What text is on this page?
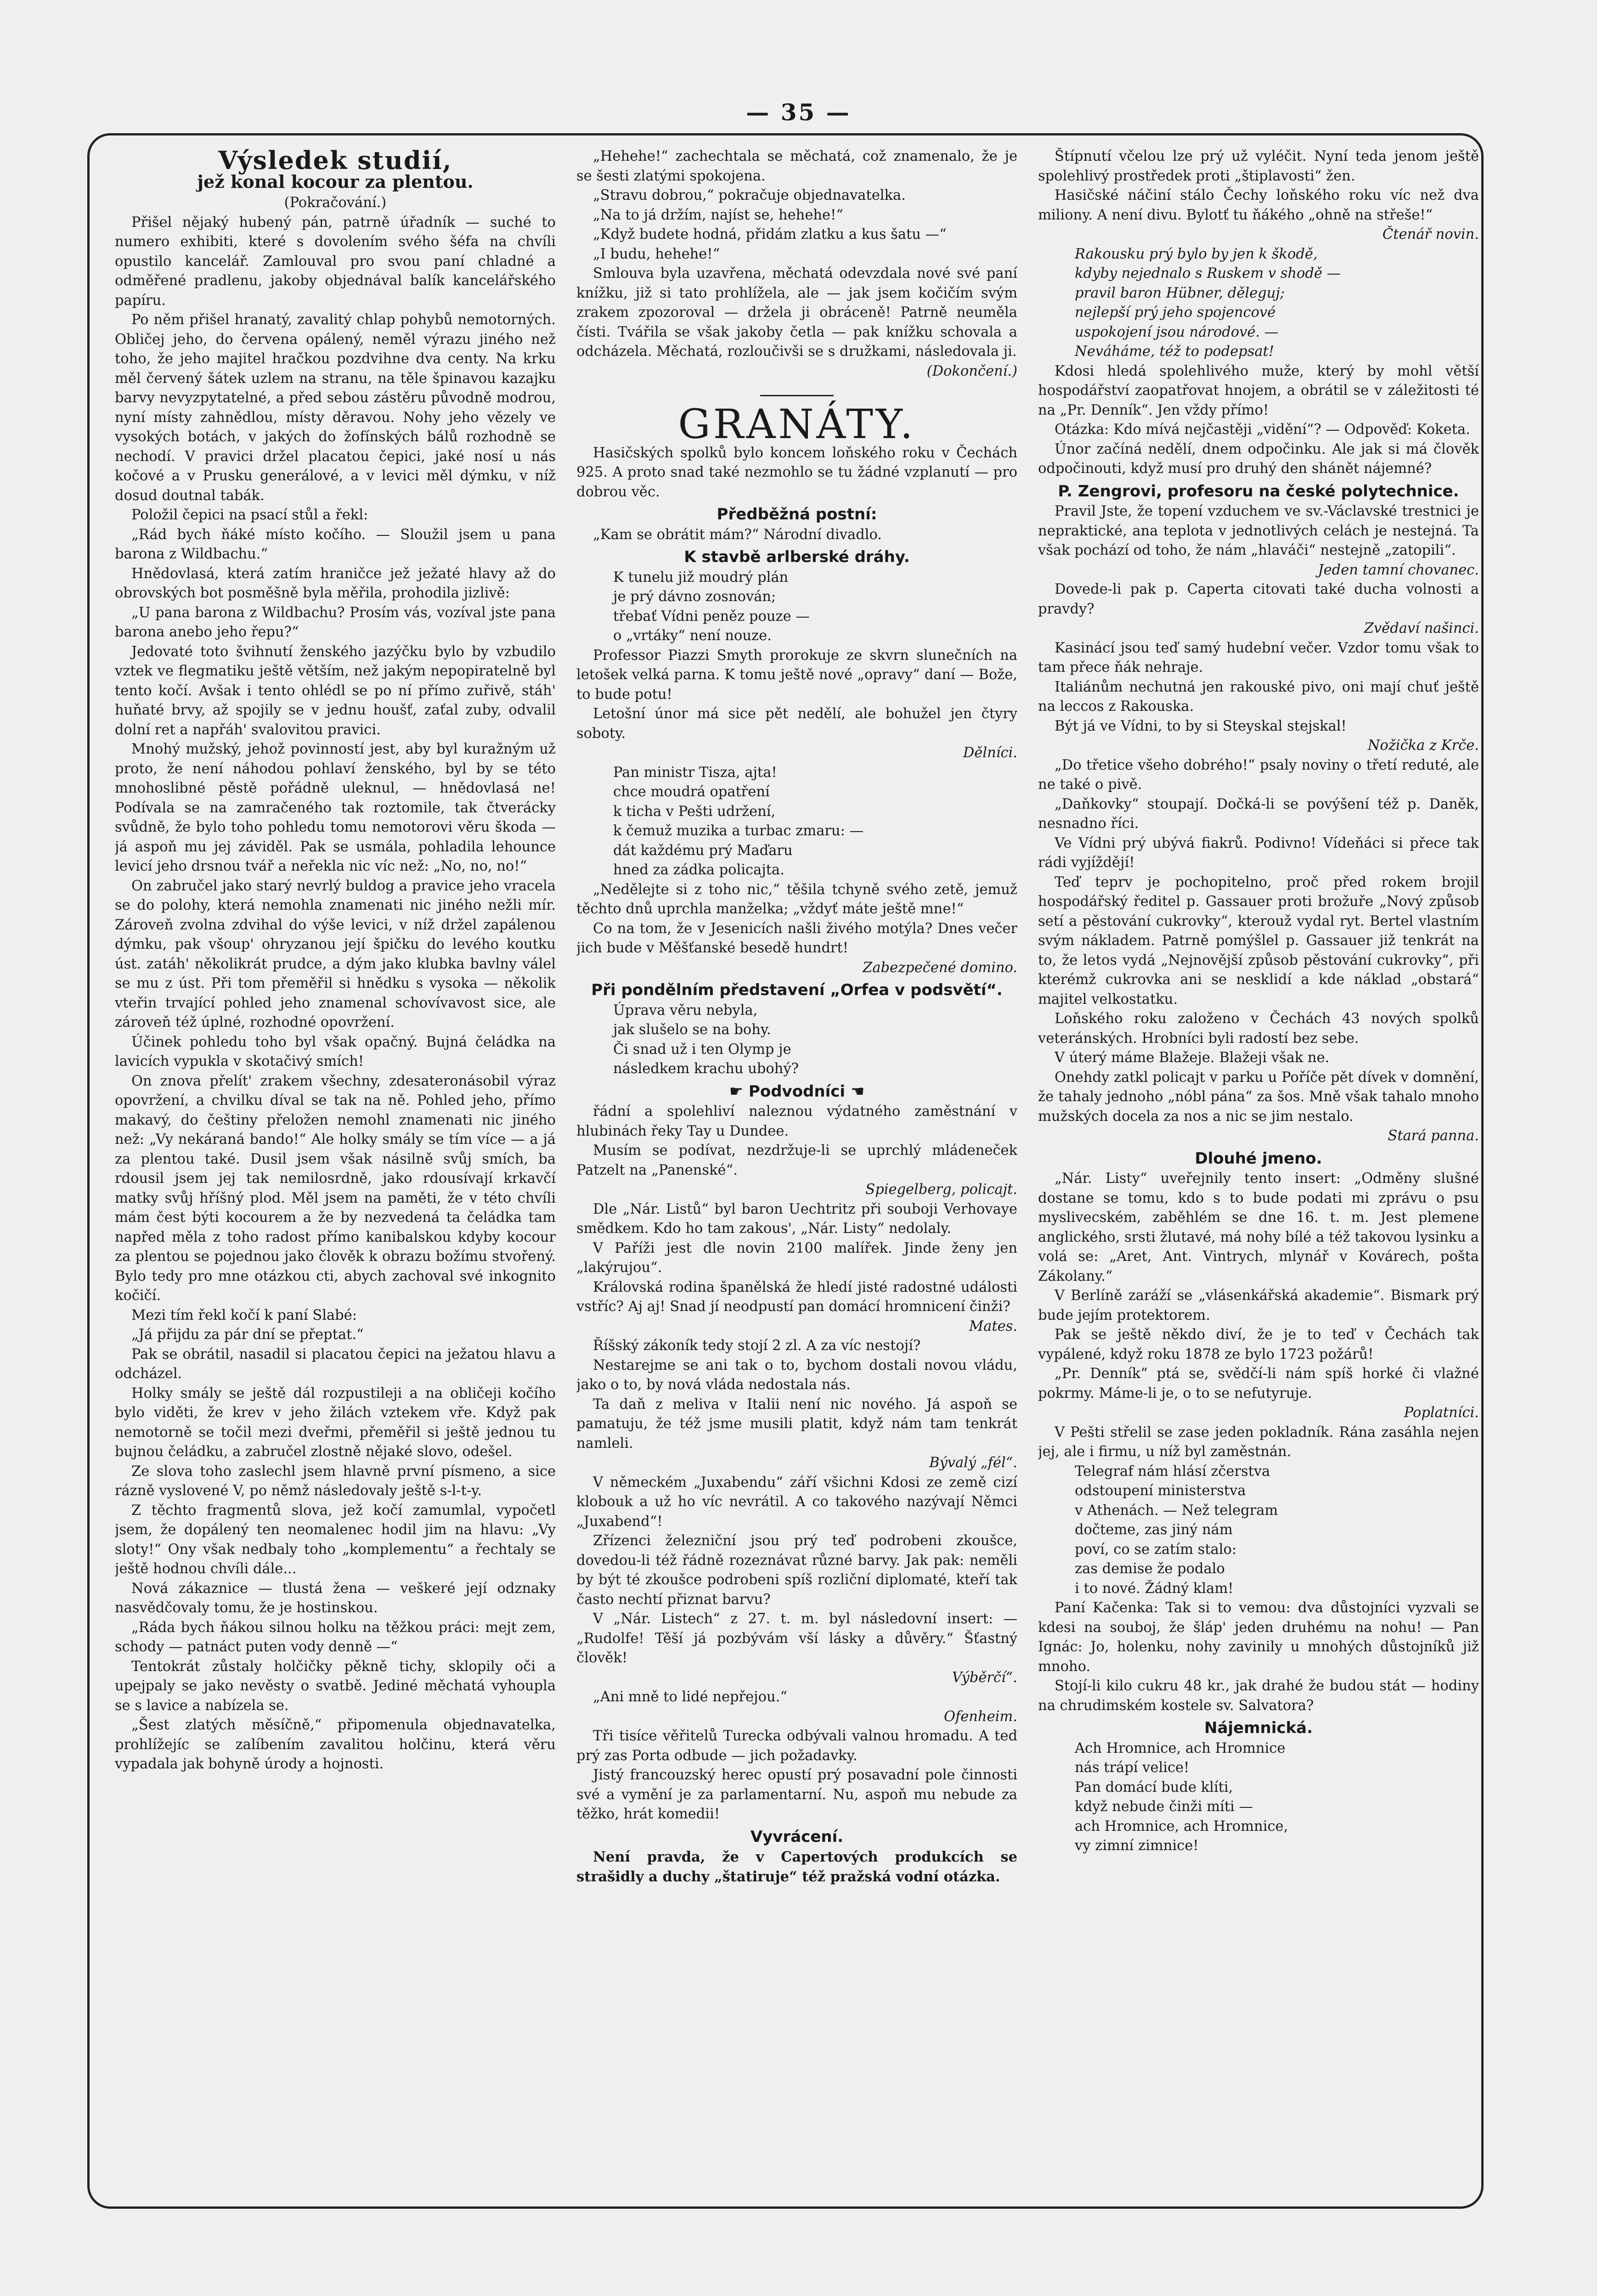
— 35 —
Výsledek studií,
jež konal kocour za plentou.

(Pokračování.)

Přišel nějaký hubený pán, patrně úřadník — suché to numero exhibiti, které s dovolením svého šéfa na chvíli opustilo kancelář. Zamlouval pro svou paní chladné a odměřené pradlenu, jakoby objednával balík kancelářského papíru.

Po něm přišel hranatý, zavalitý chlap pohybů nemotorných. Obličej jeho, do červena opálený, neměl výrazu jiného než toho, že jeho majitel hračkou pozdvihne dva centy. Na krku měl červený šátek uzlem na stranu, na těle špinavou kazajku barvy nevyzpytatelné, a před sebou zástěru původně modrou, nyní místy zahnědlou, místy děravou. Nohy jeho vězely ve vysokých botách, v jakých do žofínských bálů rozhodně se nechodí. V pravici držel placatou čepici, jaké nosí u nás kočové a v Prusku generálové, a v levici měl dýmku, v níž dosud doutnal tabák.

Položil čepici na psací stůl a řekl:

„Rád bych ňáké místo kočího. — Sloužil jsem u pana barona z Wildbachu.“

Hnědovlasá, která zatím hraničce jež ježaté hlavy až do obrovských bot posměšně byla měřila, prohodila jizlivě:

„U pana barona z Wildbachu? Prosím vás, vozíval jste pana barona anebo jeho řepu?“

Jedovaté toto švihnutí ženského jazýčku bylo by vzbudilo vztek ve flegmatiku ještě větším, než jakým nepopiratelně byl tento kočí. Avšak i tento ohlédl se po ní přímo zuřivě, stáh' huňaté brvy, až spojily se v jednu houšť, zaťal zuby, odvalil dolní ret a napřáh' svalovitou pravici.

Mnohý mužský, jehož povinností jest, aby byl kuražným už proto, že není náhodou pohlaví ženského, byl by se této mnohoslibné pěstě pořádně uleknul, — hnědovlasá ne! Podívala se na zamračeného tak roztomile, tak čtverácky svůdně, že bylo toho pohledu tomu nemotorovi věru škoda — já aspoň mu jej záviděl. Pak se usmála, pohladila lehounce levicí jeho drsnou tvář a neřekla nic víc než: „No, no, no!“

On zabručel jako starý nevrlý buldog a pravice jeho vracela se do polohy, která nemohla znamenati nic jiného nežli mír. Zároveň zvolna zdvihal do výše levici, v níž držel zapálenou dýmku, pak všoup' ohryzanou její špičku do levého koutku úst. zatáh' několikrát prudce, a dým jako klubka bavlny válel se mu z úst. Při tom přeměřil si hnědku s vysoka — několik vteřin trvající pohled jeho znamenal schovívavost sice, ale zároveň též úplné, rozhodné opovržení.

Účinek pohledu toho byl však opačný. Bujná čeládka na lavicích vypukla v skotačivý smích!

On znova přelít' zrakem všechny, zdesateronásobil výraz opovržení, a chvilku díval se tak na ně. Pohled jeho, přímo makavý, do češtiny přeložen nemohl znamenati nic jiného než: „Vy nekáraná bando!“ Ale holky smály se tím více — a já za plentou také. Dusil jsem však násilně svůj smích, ba rdousil jsem jej tak nemilosrdně, jako rdousívají krkavčí matky svůj hříšný plod. Měl jsem na paměti, že v této chvíli mám čest býti kocourem a že by nezvedená ta čeládka tam napřed měla z toho radost přímo kanibalskou kdyby kocour za plentou se pojednou jako člověk k obrazu božímu stvořený. Bylo tedy pro mne otázkou cti, abych zachoval své inkognito kočičí.

Mezi tím řekl kočí k paní Slabé:

„Já přijdu za pár dní se přeptat.“

Pak se obrátil, nasadil si placatou čepici na ježatou hlavu a odcházel.

Holky smály se ještě dál rozpustileji a na obličeji kočího bylo viděti, že krev v jeho žilách vztekem vře. Když pak nemotorně se točil mezi dveřmi, přeměřil si ještě jednou tu bujnou čeládku, a zabručel zlostně nějaké slovo, odešel.

Ze slova toho zaslechl jsem hlavně první písmeno, a sice rázně vyslovené V, po němž následovaly ještě s-l-t-y.

Z těchto fragmentů slova, jež kočí zamumlal, vypočetl jsem, že dopálený ten neomalenec hodil jim na hlavu: „Vy sloty!“ Ony však nedbaly toho „komplementu“ a řechtaly se ještě hodnou chvíli dále...

Nová zákaznice — tlustá žena — veškeré její odznaky nasvědčovaly tomu, že je hostinskou.

„Ráda bych ňákou silnou holku na těžkou práci: mejt zem, schody — patnáct puten vody denně —“

Tentokrát zůstaly holčičky pěkně tichy, sklopily oči a upejpaly se jako nevěsty o svatbě. Jediné měchatá vyhoupla se s lavice a nabízela se.

„Šest zlatých měsíčně,“ připomenula objednavatelka, prohlížejíc se zalíbením zavalitou holčinu, která věru vypadala jak bohyně úrody a hojnosti.

„Hehehe!“ zachechtala se měchatá, což znamenalo, že je se šesti zlatými spokojena.

„Stravu dobrou,“ pokračuje objednavatelka.

„Na to já držím, najíst se, hehehe!“

„Když budete hodná, přidám zlatku a kus šatu —“

„I budu, hehehe!“

Smlouva byla uzavřena, měchatá odevzdala nové své paní knížku, již si tato prohlížela, ale — jak jsem kočičím svým zrakem zpozoroval — držela ji obráceně! Patrně neuměla čísti. Tvářila se však jakoby četla — pak knížku schovala a odcházela. Měchatá, rozloučivši se s družkami, následovala ji.

(Dokončení.)

GRANÁTY.

Hasičských spolků bylo koncem loňského roku v Čechách 925. A proto snad také nezmohlo se tu žádné vzplanutí — pro dobrou věc.

Předběžná postní:

„Kam se obrátit mám?“ Národní divadlo.

K stavbě arlberské dráhy.

K tunelu již moudrý plán

je prý dávno zosnován;

třebať Vídni peněz pouze —

o „vrtáky“ není nouze.

Professor Piazzi Smyth prorokuje ze skvrn slunečních na letošek velká parna. K tomu ještě nové „opravy“ daní — Bože, to bude potu!

Letošní únor má sice pět nedělí, ale bohužel jen čtyry soboty.

Dělníci.

Pan ministr Tisza, ajta!

chce moudrá opatření

k ticha v Pešti udržení,

k čemuž muzika a turbac zmaru: —

dát každému prý Maďaru

hned za zádka policajta.

„Nedělejte si z toho nic,“ těšila tchyně svého zetě, jemuž těchto dnů uprchla manželka; „vždyť máte ještě mne!“

Co na tom, že v Jesenicích našli živého motýla? Dnes večer jich bude v Měšťanské besedě hundrt!

Zabezpečené domino.

Při pondělním představení „Orfea v podsvětí“.

Úprava věru nebyla,

jak slušelo se na bohy.

Či snad už i ten Olymp je

následkem krachu ubohý?

☛ Podvodníci ☚

řádní a spolehliví naleznou výdatného zaměstnání v hlubinách řeky Tay u Dundee.

Musím se podívat, nezdržuje-li se uprchlý mládeneček Patzelt na „Panenské“.

Spiegelberg, policajt.

Dle „Nár. Listů“ byl baron Uechtritz při souboji Verhovaye smědkem. Kdo ho tam zakous', „Nár. Listy“ nedolaly.

V Paříži jest dle novin 2100 malířek. Jinde ženy jen „lakýrujou“.

Královská rodina španělská že hledí jisté radostné události vstříc? Aj aj! Snad jí neodpustí pan domácí hromnicení činži?

Mates.

Říšský zákoník tedy stojí 2 zl. A za víc nestojí?

Nestarejme se ani tak o to, bychom dostali novou vládu, jako o to, by nová vláda nedostala nás.

Ta daň z meliva v Italii není nic nového. Já aspoň se pamatuju, že též jsme musili platit, když nám tam tenkrát namleli.

Bývalý „fél“.

V německém „Juxabendu“ září všichni Kdosi ze země cizí klobouk a už ho víc nevrátil. A co takového nazývají Němci „Juxabend“!

Zřízenci železniční jsou prý teď podrobeni zkoušce, dovedou-li též řádně rozeznávat různé barvy. Jak pak: neměli by být té zkoušce podrobeni spíš rozliční diplomaté, kteří tak často nechtí přiznat barvu?

V „Nár. Listech“ z 27. t. m. byl následovní insert: — „Rudolfe! Těší já pozbývám vší lásky a důvěry.“ Šťastný člověk!

Výběrčí“.

„Ani mně to lidé nepřejou.“

Ofenheim.

Tři tisíce věřitelů Turecka odbývali valnou hromadu. A teď prý zas Porta odbude — jich požadavky.

Jistý francouzský herec opustí prý posavadní pole činnosti své a vymění je za parlamentarní. Nu, aspoň mu nebude za těžko, hrát komedii!

Vyvrácení.

Není pravda, že v Capertových produkcích se strašidly a duchy „štatiruje“ též pražská vodní otázka.

Štípnutí včelou lze prý už vyléčit. Nyní teda jenom ještě spolehlivý prostředek proti „štiplavosti“ žen.

Hasičské náčiní stálo Čechy loňského roku víc než dva miliony. A není divu. Bylotť tu ňákého „ohně na střeše!“

Čtenář novin.

Rakousku prý bylo by jen k škodě,

kdyby nejednalo s Ruskem v shodě —

pravil baron Hübner, děleguj;

nejlepší prý jeho spojencové

uspokojení jsou národové. —

Neváháme, též to podepsat!

Kdosi hledá spolehlivého muže, který by mohl větší hospodářství zaopatřovat hnojem, a obrátil se v záležitosti té na „Pr. Denník“. Jen vždy přímo!

Otázka: Kdo mívá nejčastěji „vidění“? — Odpověď: Koketa.

Únor začíná nedělí, dnem odpočinku. Ale jak si má člověk odpočinouti, když musí pro druhý den shánět nájemné?

P. Zengrovi, profesoru na české polytechnice.

Pravil Jste, že topení vzduchem ve sv.-Václavské trestnici je nepraktické, ana teplota v jednotlivých celách je nestejná. Ta však pochází od toho, že nám „hlaváči“ nestejně „zatopili“.

Jeden tamní chovanec.

Dovede-li pak p. Caperta citovati také ducha volnosti a pravdy?

Zvědaví našinci.

Kasinácí jsou teď samý hudební večer. Vzdor tomu však to tam přece ňák nehraje.

Italiánům nechutná jen rakouské pivo, oni mají chuť ještě na leccos z Rakouska.

Být já ve Vídni, to by si Steyskal stejskal!

Nožička z Krče.

„Do třetice všeho dobrého!“ psaly noviny o třetí reduté, ale ne také o pivě.

„Daňkovky“ stoupají. Dočká-li se povýšení též p. Daněk, nesnadno říci.

Ve Vídni prý ubývá fiakrů. Podivno! Vídeňáci si přece tak rádi vyjíždějí!

Teď teprv je pochopitelno, proč před rokem brojil hospodářský ředitel p. Gassauer proti brožuře „Nový způsob setí a pěstování cukrovky“, kterouž vydal ryt. Bertel vlastním svým nákladem. Patrně pomýšlel p. Gassauer již tenkrát na to, že letos vydá „Nejnovější způsob pěstování cukrovky“, při kterémž cukrovka ani se nesklidí a kde náklad „obstará“ majitel velkostatku.

Loňského roku založeno v Čechách 43 nových spolků veteránských. Hrobníci byli radostí bez sebe.

V úterý máme Blažeje. Blažeji však ne.

Onehdy zatkl policajt v parku u Poříče pět dívek v domnění, že tahaly jednoho „nóbl pána“ za šos. Mně však tahalo mnoho mužských docela za nos a nic se jim nestalo.

Stará panna.

Dlouhé jmeno.

„Nár. Listy“ uveřejnily tento insert: „Odměny slušné dostane se tomu, kdo s to bude podati mi zprávu o psu myslivecském, zaběhlém se dne 16. t. m. Jest plemene anglického, srsti žlutavé, má nohy bílé a též takovou lysinku a volá se: „Aret, Ant. Vintrych, mlynář v Kovárech, pošta Zákolany.“

V Berlíně zaráží se „vlásenkářská akademie“. Bismark prý bude jejím protektorem.

Pak se ještě někdo diví, že je to teď v Čechách tak vypálené, když roku 1878 ze bylo 1723 požárů!

„Pr. Denník“ ptá se, svědčí-li nám spíš horké či vlažné pokrmy. Máme-li je, o to se nefutyruje.

Poplatníci.

V Pešti střelil se zase jeden pokladník. Rána zasáhla nejen jej, ale i firmu, u níž byl zaměstnán.

Telegraf nám hlásí zčerstva

odstoupení ministerstva

v Athenách. — Než telegram

dočteme, zas jiný nám

poví, co se zatím stalo:

zas demise že podalo

i to nové. Žádný klam!

Paní Kačenka: Tak si to vemou: dva důstojníci vyzvali se kdesi na souboj, že šláp' jeden druhému na nohu! — Pan Ignác: Jo, holenku, nohy zavinily u mnohých důstojníků již mnoho.

Stojí-li kilo cukru 48 kr., jak drahé že budou stát — hodiny na chrudimském kostele sv. Salvatora?

Nájemnická.

Ach Hromnice, ach Hromnice

nás trápí velice!

Pan domácí bude klíti,

když nebude činži míti —

ach Hromnice, ach Hromnice,

vy zimní zimnice!
